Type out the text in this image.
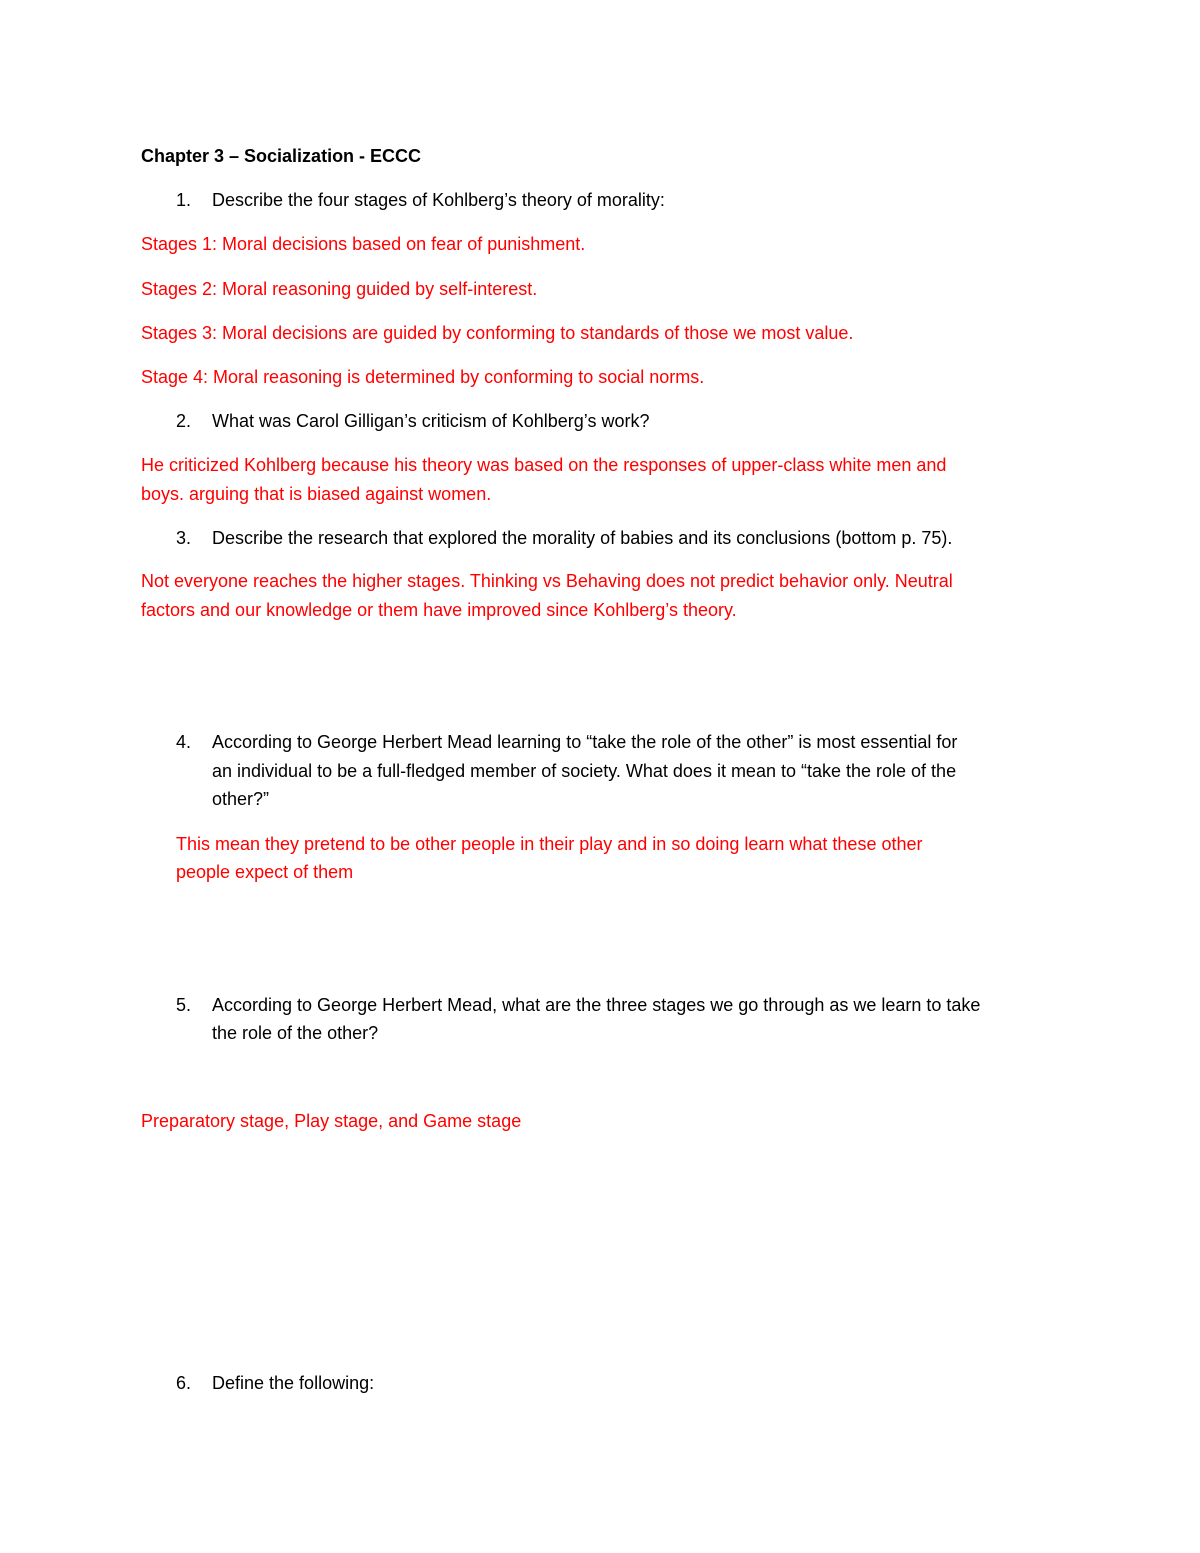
Chapter 3 – Socialization - ECCC
1. Describe the four stages of Kohlberg’s theory of morality:
Stages 1: Moral decisions based on fear of punishment.
Stages 2: Moral reasoning guided by self-interest.
Stages 3: Moral decisions are guided by conforming to standards of those we most value.
Stage 4: Moral reasoning is determined by conforming to social norms.
2. What was Carol Gilligan’s criticism of Kohlberg’s work?
He criticized Kohlberg because his theory was based on the responses of upper-class white men and
boys. arguing that is biased against women.
3. Describe the research that explored the morality of babies and its conclusions (bottom p. 75).
Not everyone reaches the higher stages. Thinking vs Behaving does not predict behavior only. Neutral
factors and our knowledge or them have improved since Kohlberg’s theory.
4. According to George Herbert Mead learning to “take the role of the other” is most essential for
an individual to be a full-fledged member of society. What does it mean to “take the role of the
other?”
This mean they pretend to be other people in their play and in so doing learn what these other
people expect of them
5. According to George Herbert Mead, what are the three stages we go through as we learn to take
the role of the other?
Preparatory stage, Play stage, and Game stage
6. Define the following:
